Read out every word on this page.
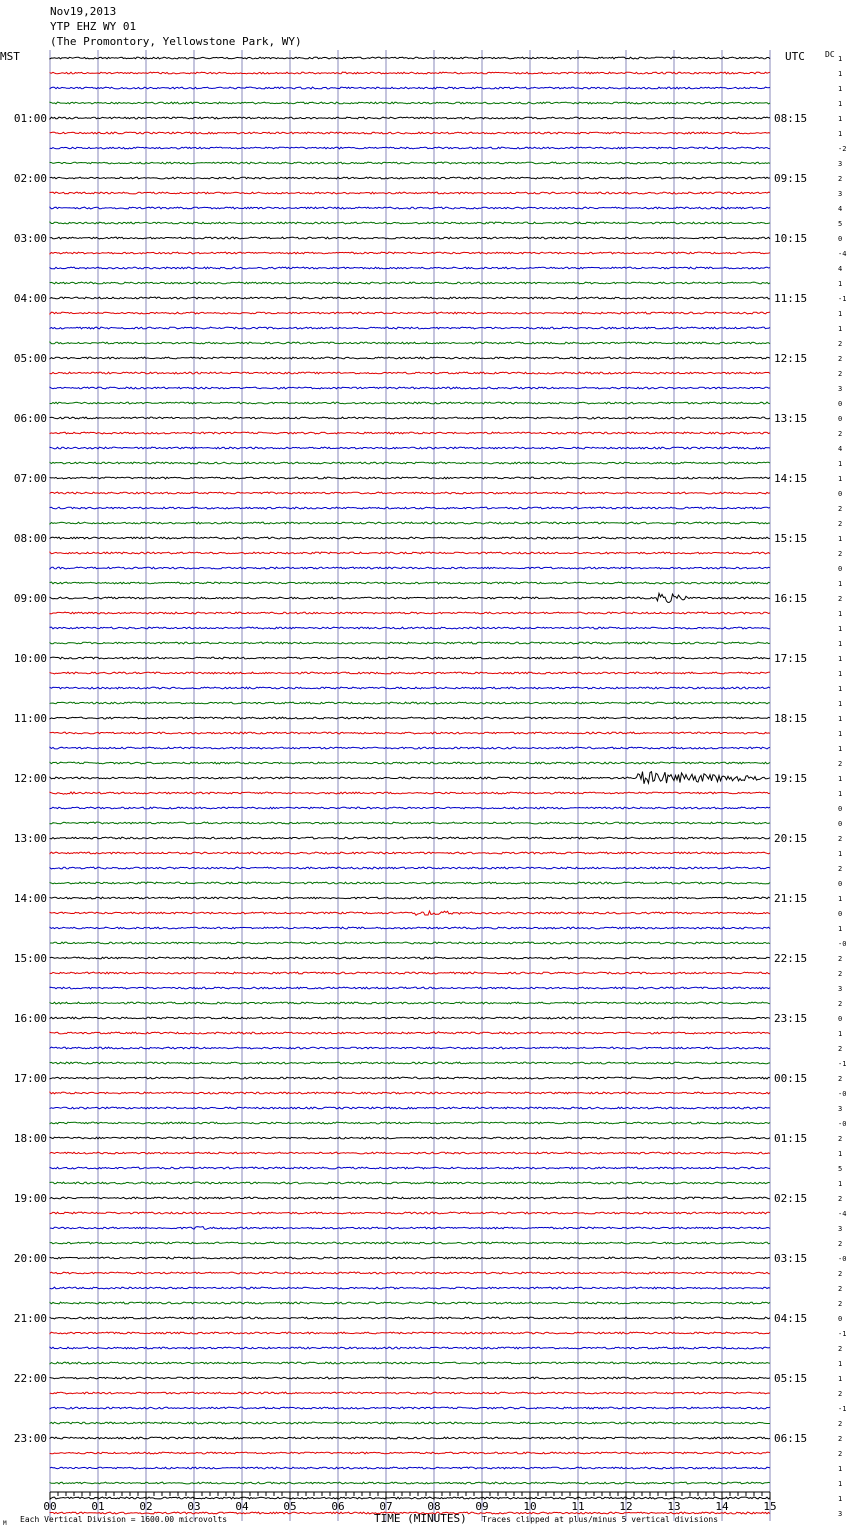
01:00
02:00
03:00
04:00
05:00
06:00
07:00
08:00
09:00
10:00
11:00
12:00
13:00
14:00
15:00
16:00
17:00
18:00
19:00
20:00
21:00
22:00
23:00
08:15
09:15
10:15
11:15
12:15
13:15
14:15
15:15
16:15
17:15
18:15
19:15
20:15
21:15
22:15
23:15
00:15
01:15
02:15
03:15
04:15
05:15
06:15
1
1
1
1
1
1
-2
3
2
3
4
5
0
-4
4
1
-1
1
1
2
2
2
3
0
0
2
4
1
1
0
2
2
1
2
0
1
2
1
1
1
1
1
1
1
1
1
1
2
1
1
0
0
2
1
2
0
1
0
1
-0
2
2
3
2
0
1
2
-1
2
-0
3
-0
2
1
5
1
2
-4
3
2
-0
2
2
2
0
-1
2
1
1
2
-1
2
2
2
1
1
1
3
00	01	02	03	04	05	06	07	08	09	10	11	12	13	14	15
Nov19,2013
YTP EHZ WY 01
(The Promontory, Yellowstone Park, WY)
MST	UTC	DC
M Each Vertical Division = 1600.00 microvolts	TIME (MINUTES) Traces clipped at plus/minus 5 vertical divisions
